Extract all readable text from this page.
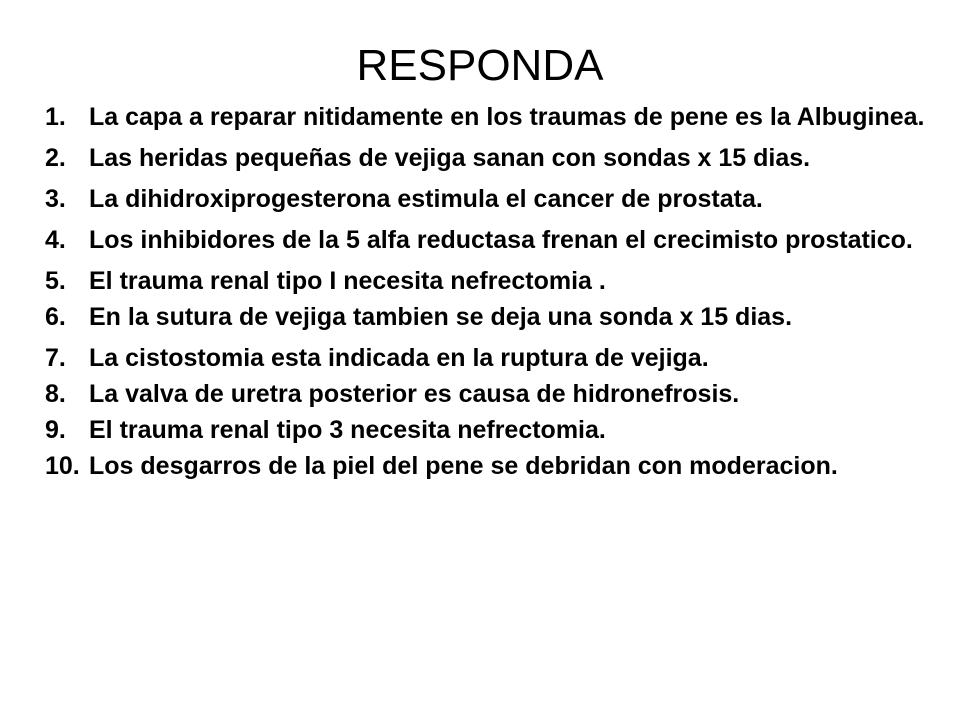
RESPONDA
1. La capa a reparar nitidamente en los traumas de pene es la Albuginea.
2. Las heridas pequeñas de vejiga sanan con sondas x 15 dias.
3. La dihidroxiprogesterona estimula el cancer de prostata.
4. Los inhibidores de la 5 alfa reductasa frenan el crecimisto prostatico.
5. El trauma renal tipo I necesita nefrectomia .
6. En la sutura de vejiga tambien se deja una sonda x 15 dias.
7. La cistostomia esta indicada en la ruptura de vejiga.
8. La valva de uretra posterior es causa de hidronefrosis.
9. El trauma renal tipo 3 necesita nefrectomia.
10. Los desgarros de la piel del pene se debridan con moderacion.
